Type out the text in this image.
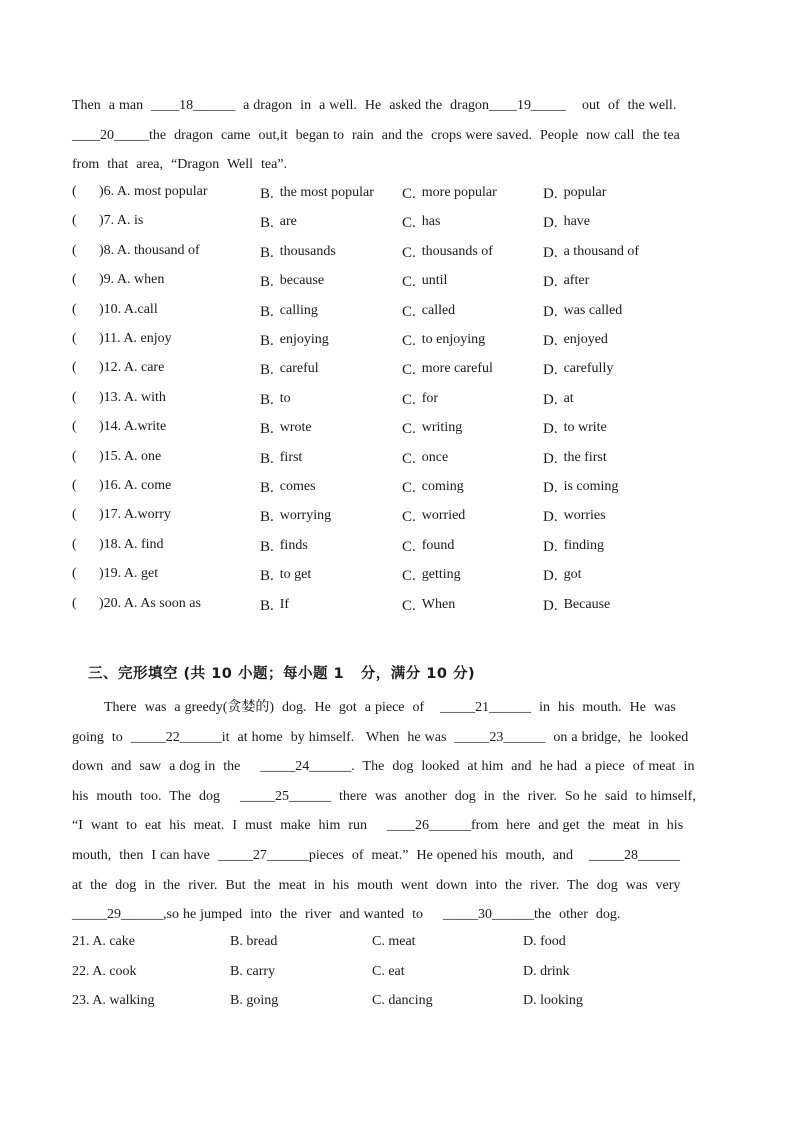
Then  a man  ____18______  a dragon  in  a well.  He  asked the  dragon____19_____    out  of  the well.
____20_____the  dragon  came  out,it  began to  rain  and the  crops were saved.  People  now call  the tea
from  that  area,  “Dragon  Well  tea”.
( )6. A. most popular	B. the most popular C. more popular	D. popular
( )7. A. is	B. are	C. has	D. have
( )8. A. thousand of	B. thousands	C. thousands of	D. a thousand of
( )9. A. when	B. because	C. until	D. after
( )10. A.call	B. calling	C. called	D. was called
( )11. A. enjoy	B. enjoying	C. to enjoying	D. enjoyed
( )12. A. care	B. careful	C. more careful	D. carefully
( )13. A. with	B. to	C. for	D. at
( )14. A.write	B. wrote	C. writing	D. to write
( )15. A. one	B. first	C. once	D. the first
( )16. A. come	B. comes	C. coming	D. is coming
( )17. A.worry	B. worrying	C. worried	D. worries
( )18. A. find	B. finds	C. found	D. finding
( )19. A. get	B. to get	C. getting	D. got
( )20. A. As soon as	B. If	C. When	D. Because
三、完形填空 (共 10 小题；每小题 1   分，满分 10 分)
There  was  a greedy(贪婪的)  dog.  He  got  a piece  of    _____21______  in  his  mouth.  He  was
going  to  _____22______it  at home  by himself.   When  he was  _____23______  on a bridge,  he  looked
down  and  saw  a dog in  the     _____24______.  The  dog  looked  at him  and  he had  a piece  of meat  in
his  mouth  too.  The  dog     _____25______  there  was  another  dog  in  the  river.  So he  said  to himself,
“I  want  to  eat  his  meat.  I  must  make  him  run     ____26______from  here  and get  the  meat  in  his
mouth,  then  I can have  _____27______pieces  of  meat.”  He opened his  mouth,  and    _____28______
at  the  dog  in  the  river.  But  the  meat  in  his  mouth  went  down  into  the  river.  The  dog  was  very
_____29______,so he jumped  into  the  river  and wanted  to     _____30______the  other  dog.
21. A. cake	B. bread	C. meat	D. food
22. A. cook	B. carry	C. eat	D. drink
23. A. walking	B. going	C. dancing	D. looking
